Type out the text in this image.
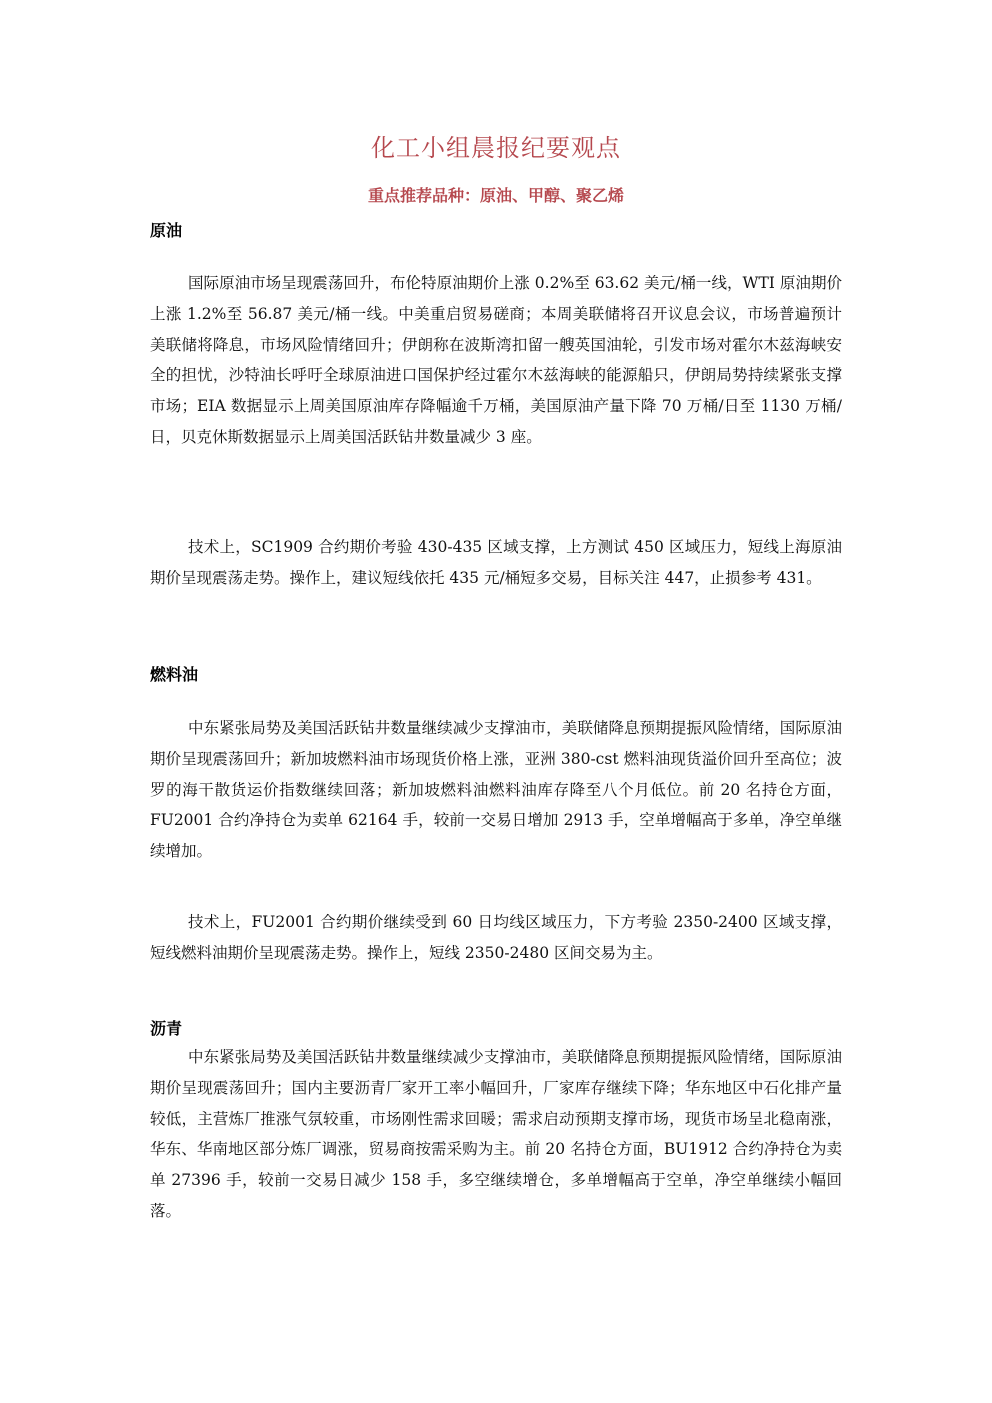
化工小组晨报纪要观点
重点推荐品种：原油、甲醇、聚乙烯
原油

国际原油市场呈现震荡回升，布伦特原油期价上涨 0.2%至 63.62 美元/桶一线，WTI 原油期价上涨 1.2%至 56.87 美元/桶一线。中美重启贸易磋商；本周美联储将召开议息会议，市场普遍预计美联储将降息，市场风险情绪回升；伊朗称在波斯湾扣留一艘英国油轮，引发市场对霍尔木兹海峡安全的担忧，沙特油长呼吁全球原油进口国保护经过霍尔木兹海峡的能源船只，伊朗局势持续紧张支撑市场；EIA 数据显示上周美国原油库存降幅逾千万桶，美国原油产量下降 70 万桶/日至 1130 万桶/日，贝克休斯数据显示上周美国活跃钻井数量减少 3 座。

技术上，SC1909 合约期价考验 430-435 区域支撑，上方测试 450 区域压力，短线上海原油期价呈现震荡走势。操作上，建议短线依托 435 元/桶短多交易，目标关注 447，止损参考 431。

燃料油

中东紧张局势及美国活跃钻井数量继续减少支撑油市，美联储降息预期提振风险情绪，国际原油期价呈现震荡回升；新加坡燃料油市场现货价格上涨，亚洲 380-cst 燃料油现货溢价回升至高位；波罗的海干散货运价指数继续回落；新加坡燃料油燃料油库存降至八个月低位。前 20 名持仓方面，FU2001 合约净持仓为卖单 62164 手，较前一交易日增加 2913 手，空单增幅高于多单，净空单继续增加。

技术上，FU2001 合约期价继续受到 60 日均线区域压力，下方考验 2350-2400 区域支撑，短线燃料油期价呈现震荡走势。操作上，短线 2350-2480 区间交易为主。

沥青

中东紧张局势及美国活跃钻井数量继续减少支撑油市，美联储降息预期提振风险情绪，国际原油期价呈现震荡回升；国内主要沥青厂家开工率小幅回升，厂家库存继续下降；华东地区中石化排产量较低，主营炼厂推涨气氛较重，市场刚性需求回暖；需求启动预期支撑市场，现货市场呈北稳南涨，华东、华南地区部分炼厂调涨，贸易商按需采购为主。前 20 名持仓方面，BU1912 合约净持仓为卖单 27396 手，较前一交易日减少 158 手，多空继续增仓，多单增幅高于空单，净空单继续小幅回落。
